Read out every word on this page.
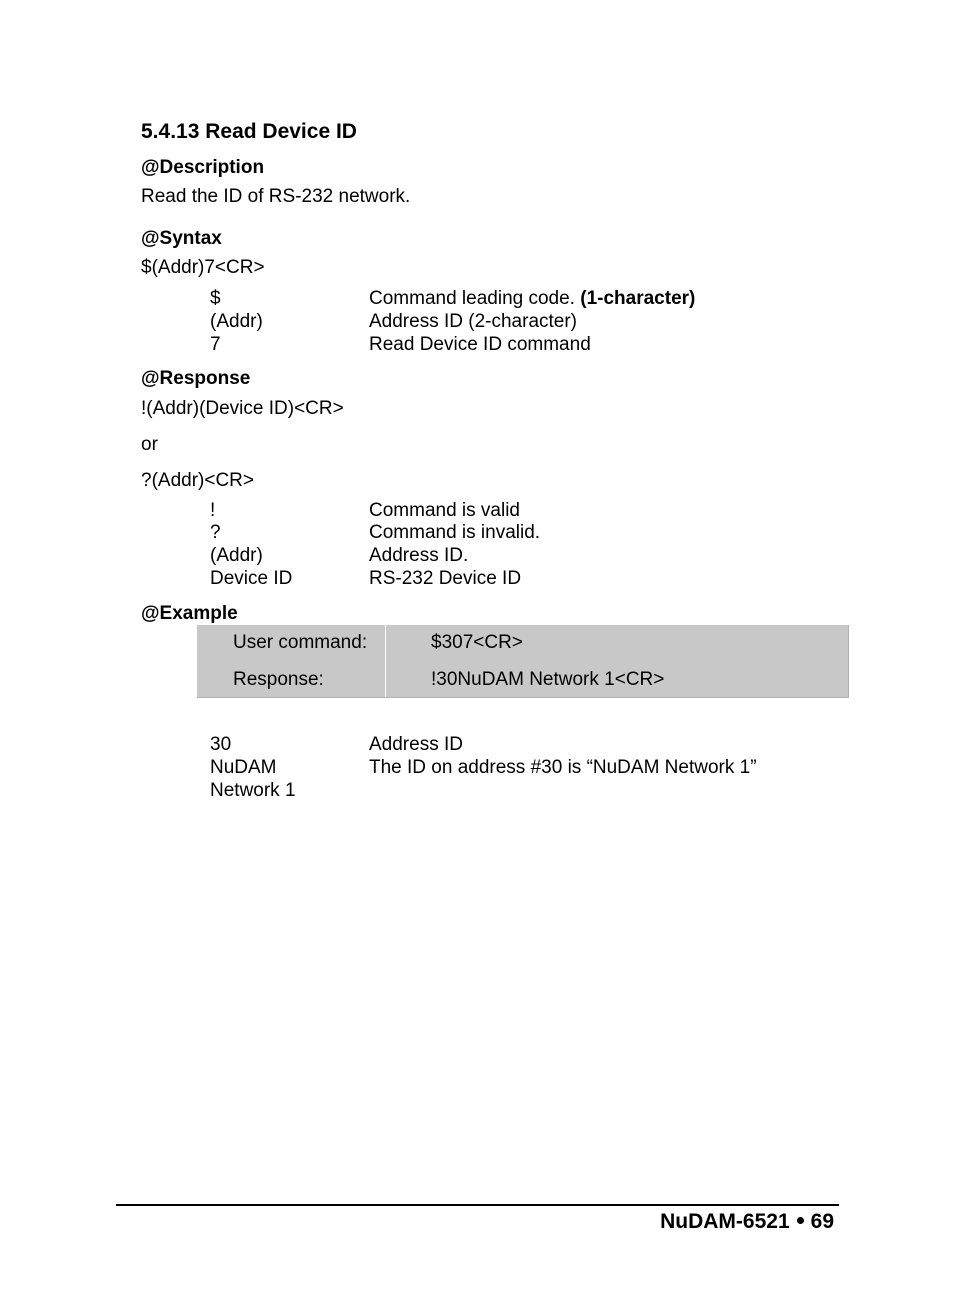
5.4.13 Read Device ID
@Description
Read the ID of RS-232 network.
@Syntax
$(Addr)7<CR>
$	Command leading code. (1-character)
(Addr)	Address ID (2-character)
7	Read Device ID command
@Response
!(Addr)(Device ID)<CR>
or
?(Addr)<CR>
!	Command is valid
?	Command is invalid.
(Addr)	Address ID.
Device ID	RS-232 Device ID
@Example
User command:	$307<CR>
Response:	!30NuDAM Network 1<CR>
30	Address ID
NuDAM	The ID on address #30 is “NuDAM Network 1”
Network 1
NuDAM-6521 69
